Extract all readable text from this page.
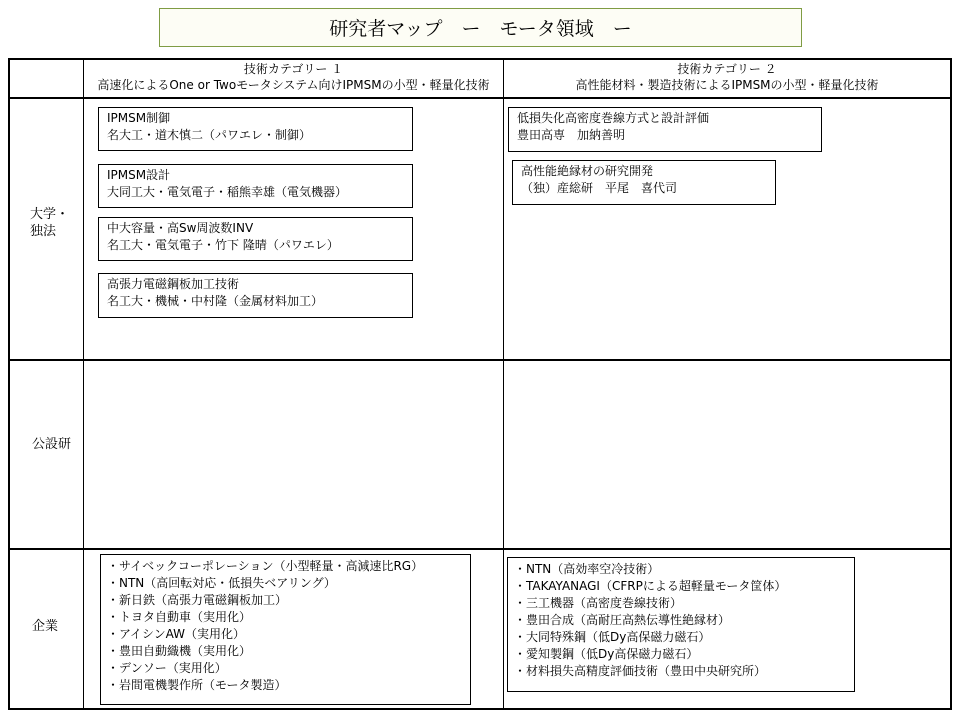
研究者マップ　ー　モータ領域　ー
技術カテゴリー １
高速化によるOne or Twoモータシステム向けIPMSMの小型・軽量化技術
技術カテゴリー ２
高性能材料・製造技術によるIPMSMの小型・軽量化技術
大学・
独法
公設研
企業
IPMSM制御
名大工・道木慎二（パワエレ・制御）
IPMSM設計
大同工大・電気電子・稲熊幸雄（電気機器）
中大容量・高Sw周波数INV
名工大・電気電子・竹下 隆晴（パワエレ）
高張力電磁鋼板加工技術
名工大・機械・中村隆（金属材料加工）
低損失化高密度巻線方式と設計評価
豊田高専　加納善明
高性能絶縁材の研究開発
（独）産総研　平尾　喜代司
・サイベックコーポレーション（小型軽量・高減速比RG）
・NTN（高回転対応・低損失ベアリング）
・新日鉄（高張力電磁鋼板加工）
・トヨタ自動車（実用化）
・アイシンAW（実用化）
・豊田自動織機（実用化）
・デンソー（実用化）
・岩間電機製作所（モータ製造）
・NTN（高効率空冷技術）
・TAKAYANAGI（CFRPによる超軽量モータ筐体）
・三工機器（高密度巻線技術）
・豊田合成（高耐圧高熱伝導性絶縁材）
・大同特殊鋼（低Dy高保磁力磁石）
・愛知製鋼（低Dy高保磁力磁石）
・材料損失高精度評価技術（豊田中央研究所）
